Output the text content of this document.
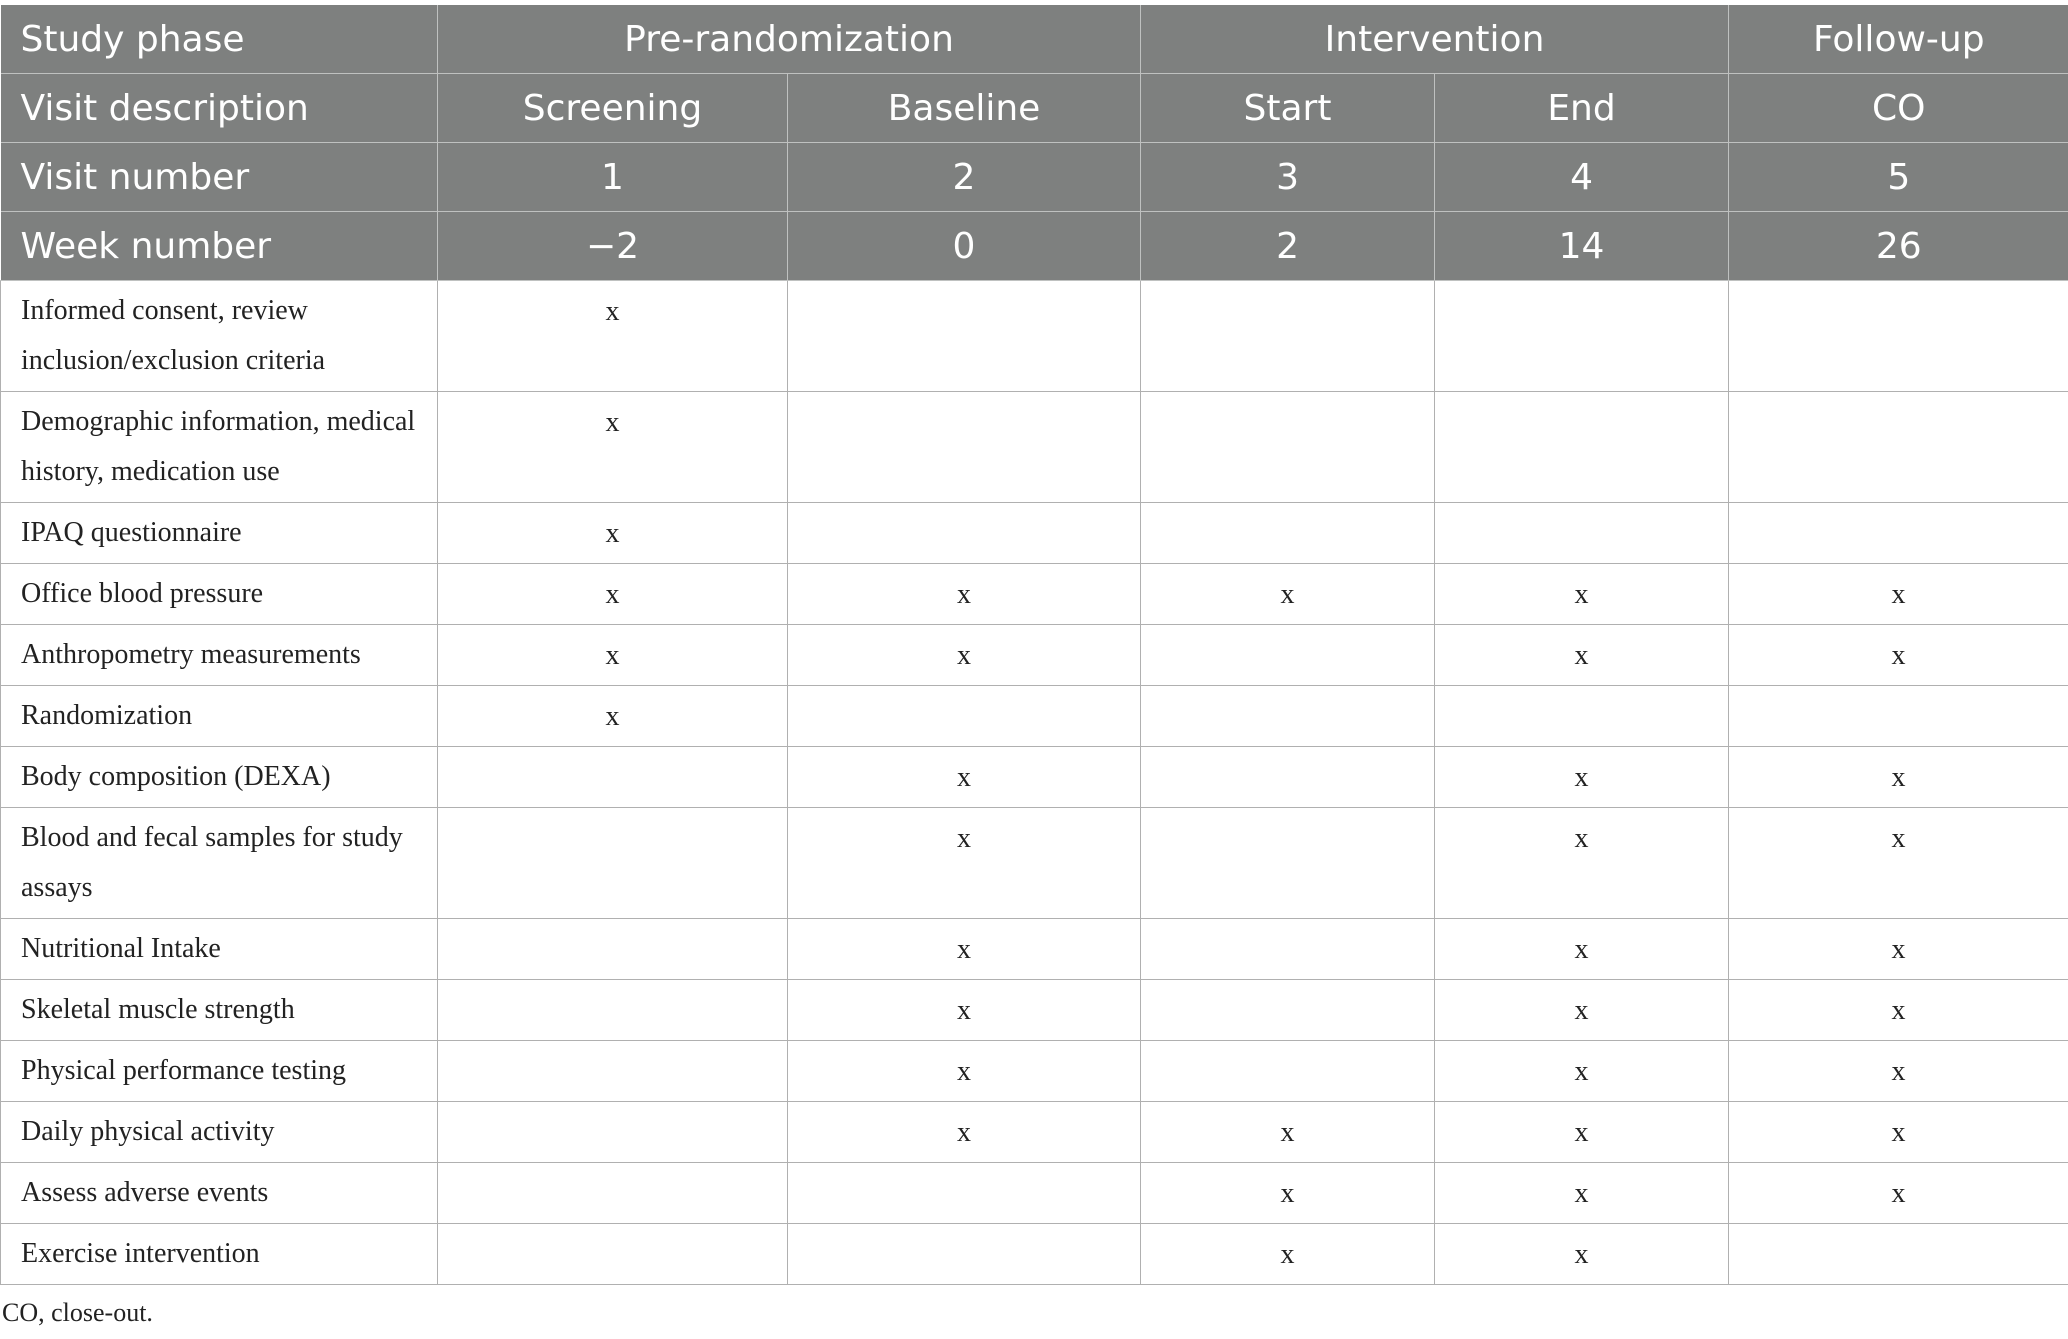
Study phase	Pre-randomization		Intervention		Follow-up
Visit description	Screening	Baseline	Start	End	CO
Visit number	1	2	3	4	5
Week number	−2	0	2	14	26
Informed consent, review inclusion/exclusion criteria	x				
Demographic information, medical history, medication use	x				
IPAQ questionnaire	x				
Office blood pressure	x	x	x	x	x
Anthropometry measurements	x	x		x	x
Randomization	x				
Body composition (DEXA)		x		x	x
Blood and fecal samples for study assays		x		x	x
Nutritional Intake		x		x	x
Skeletal muscle strength		x		x	x
Physical performance testing		x		x	x
Daily physical activity		x	x	x	x
Assess adverse events			x	x	x
Exercise intervention			x	x	
CO, close-out.
